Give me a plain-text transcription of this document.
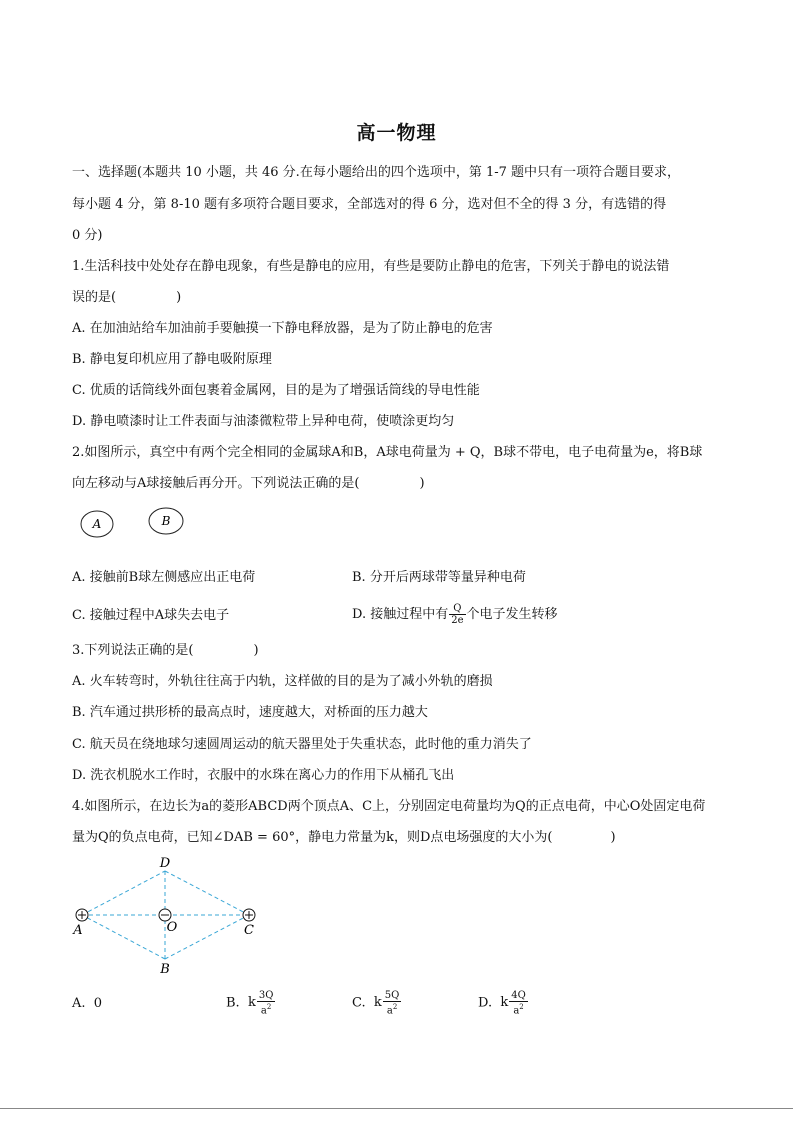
高一物理
一、选择题(本题共 10 小题，共 46 分.在每小题给出的四个选项中，第 1-7 题中只有一项符合题目要求，
每小题 4 分，第 8-10 题有多项符合题目要求，全部选对的得 6 分，选对但不全的得 3 分，有选错的得
0 分)
1.生活科技中处处存在静电现象，有些是静电的应用，有些是要防止静电的危害，下列关于静电的说法错
误的是(	)
A. 在加油站给车加油前手要触摸一下静电释放器，是为了防止静电的危害
B. 静电复印机应用了静电吸附原理
C. 优质的话筒线外面包裹着金属网，目的是为了增强话筒线的导电性能
D. 静电喷漆时让工件表面与油漆微粒带上异种电荷，使喷涂更均匀
2.如图所示，真空中有两个完全相同的金属球A和B，A球电荷量为 + Q，B球不带电，电子电荷量为e，将B球
向左移动与A球接触后再分开。下列说法正确的是(	)
A	B
A. 接触前B球左侧感应出正电荷	B. 分开后两球带等量异种电荷
C. 接触过程中A球失去电子	D. 接触过程中有 $\frac{Q}{2e}$ 个电子发生转移
3.下列说法正确的是(	)
A. 火车转弯时，外轨往往高于内轨，这样做的目的是为了减小外轨的磨损
B. 汽车通过拱形桥的最高点时，速度越大，对桥面的压力越大
C. 航天员在绕地球匀速圆周运动的航天器里处于失重状态，此时他的重力消失了
D. 洗衣机脱水工作时，衣服中的水珠在离心力的作用下从桶孔飞出
4.如图所示，在边长为a的菱形ABCD两个顶点A、C上，分别固定电荷量均为Q的正点电荷，中心O处固定电荷
量为Q的负点电荷，已知∠DAB = 60°，静电力常量为k，则D点电场强度的大小为(	)
D
A	O	C
B
A. 0	B. k $\frac{3Q}{a^2}$	C. k $\frac{5Q}{a^2}$	D. k $\frac{4Q}{a^2}$
